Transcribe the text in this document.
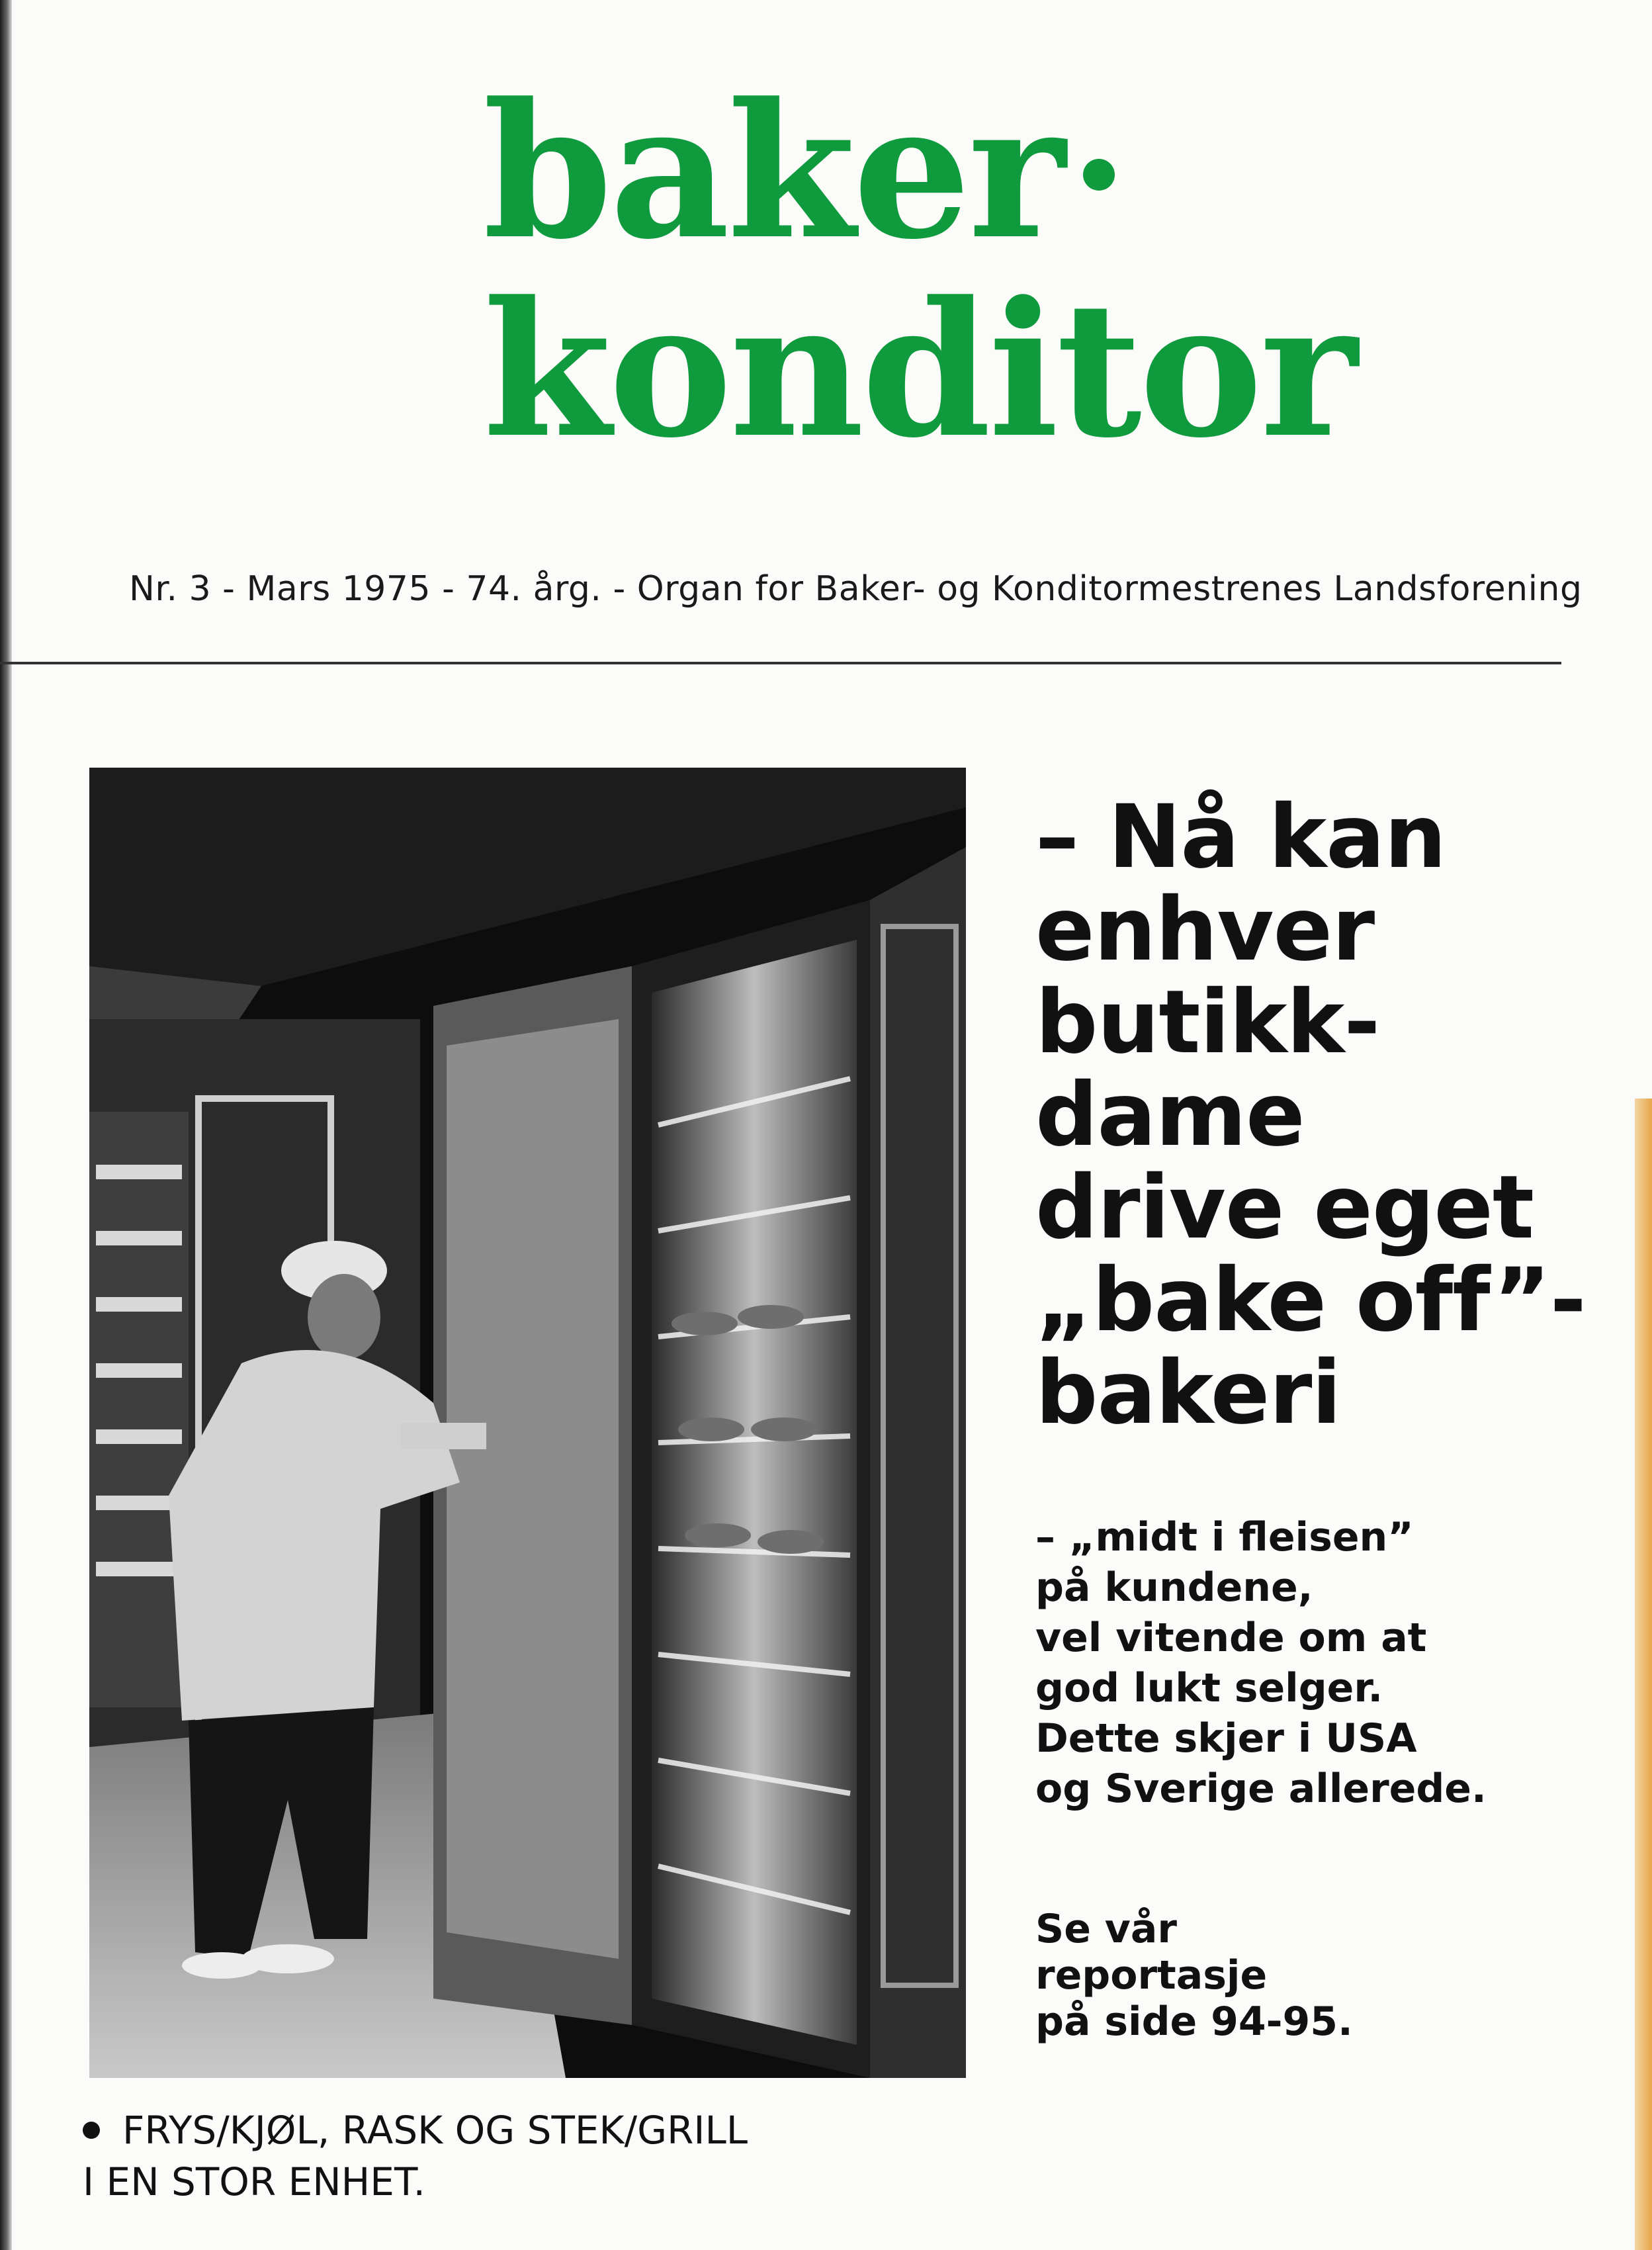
baker
konditor

Nr. 3 - Mars 1975 - 74. årg. - Organ for Baker- og Konditormestrenes Landsforening

– Nå kan
enhver
butikk-
dame
drive eget
„bake off”-
bakeri
– „midt i fleisen”
på kundene,
vel vitende om at
god lukt selger.
Dette skjer i USA
og Sverige allerede.
Se vår
reportasje
på side 94-95.
FRYS/KJØL, RASK OG STEK/GRILL
I EN STOR ENHET.
